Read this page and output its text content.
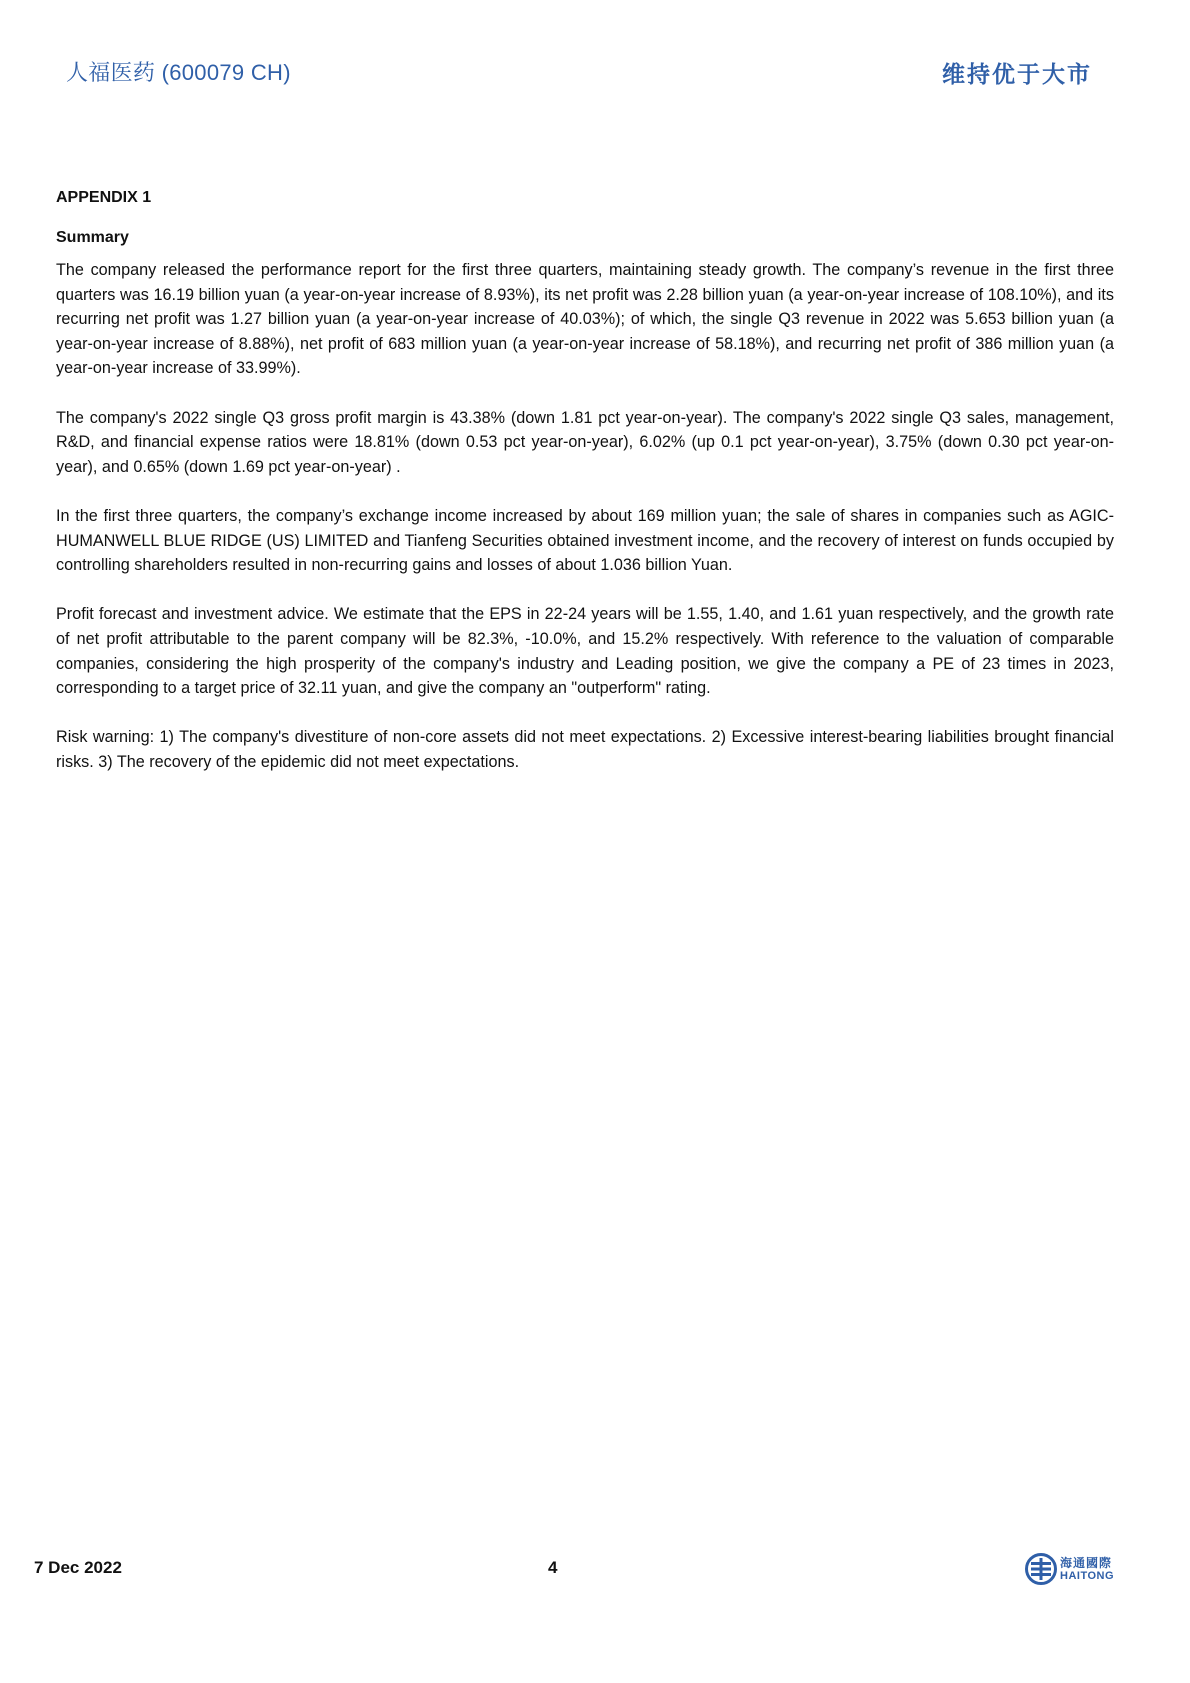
人福医药 (600079 CH)	维持优于大市
APPENDIX 1
Summary

The company released the performance report for the first three quarters, maintaining steady growth. The company’s revenue in the first three quarters was 16.19 billion yuan (a year-on-year increase of 8.93%), its net profit was 2.28 billion yuan (a year-on-year increase of 108.10%), and its recurring net profit was 1.27 billion yuan (a year-on-year increase of 40.03%); of which, the single Q3 revenue in 2022 was 5.653 billion yuan (a year-on-year increase of 8.88%), net profit of 683 million yuan (a year-on-year increase of 58.18%), and recurring net profit of 386 million yuan (a year-on-year increase of 33.99%).

The company's 2022 single Q3 gross profit margin is 43.38% (down 1.81 pct year-on-year). The company's 2022 single Q3 sales, management, R&D, and financial expense ratios were 18.81% (down 0.53 pct year-on-year), 6.02% (up 0.1 pct year-on-year), 3.75% (down 0.30 pct year-on-year), and 0.65% (down 1.69 pct year-on-year) .

In the first three quarters, the company’s exchange income increased by about 169 million yuan; the sale of shares in companies such as AGIC-HUMANWELL BLUE RIDGE (US) LIMITED and Tianfeng Securities obtained investment income, and the recovery of interest on funds occupied by controlling shareholders resulted in non-recurring gains and losses of about 1.036 billion Yuan.

Profit forecast and investment advice. We estimate that the EPS in 22-24 years will be 1.55, 1.40, and 1.61 yuan respectively, and the growth rate of net profit attributable to the parent company will be 82.3%, -10.0%, and 15.2% respectively. With reference to the valuation of comparable companies, considering the high prosperity of the company's industry and Leading position, we give the company a PE of 23 times in 2023, corresponding to a target price of 32.11 yuan, and give the company an "outperform" rating.

Risk warning: 1) The company's divestiture of non-core assets did not meet expectations. 2) Excessive interest-bearing liabilities brought financial risks. 3) The recovery of the epidemic did not meet expectations.

7 Dec 2022	4	海通國際
HAITONG
